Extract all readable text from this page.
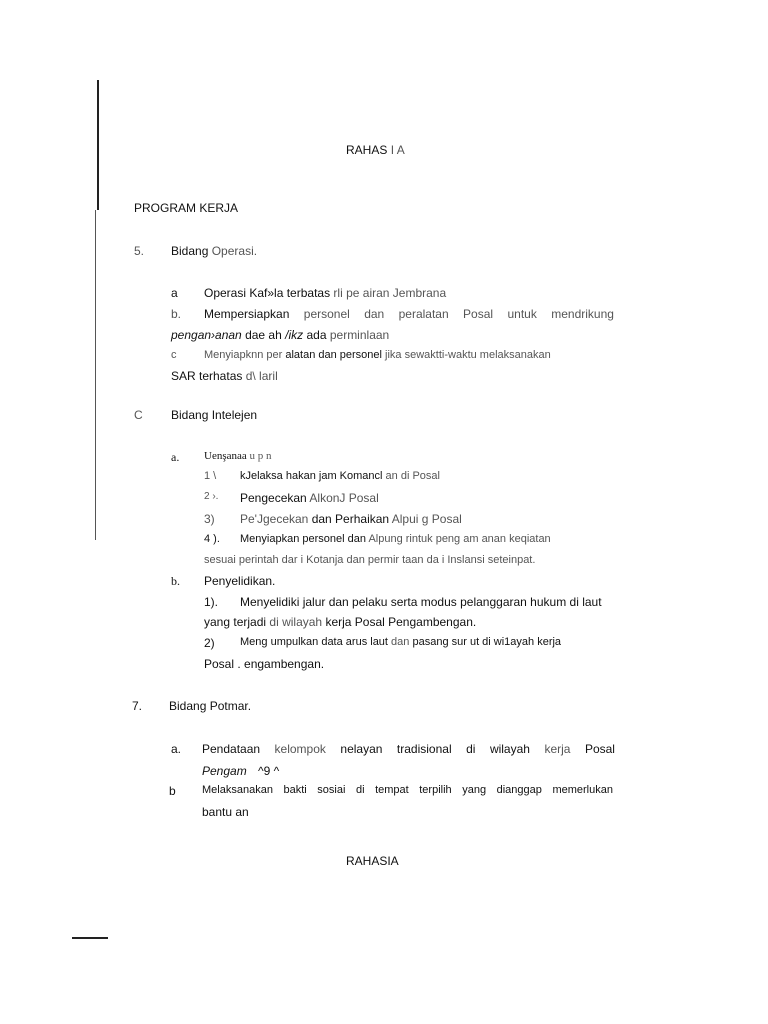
RAHAS I A
PROGRAM KERJA
5. Bidang Operasi.
a Operasi Kaf»la terbatas rli pe airan Jembrana
b. Mempersiapkan personel dan peralatan Posal untuk mendrikung
pengan›anan dae ah /ikz ada perminlaan
c	Menyiapknn per alatan dan personel jika sewaktti-waktu melaksanakan
SAR terhatas d\ laril
C Bidang Intelejen
a. Uenşanaa u p n
1 \ kJelaksa hakan jam Komancl an di Posal
2 ›. Pengecekan AlkonJ Posal
3) Pe'Jgecekan dan Perhaikan Alpui g Posal
4 ). Menyiapkan personel dan Alpung rintuk peng am anan keqiatan
sesuai perintah dar i Kotanja dan permir taan da i Inslansi seteinpat.
b. Penyelidikan.
1). Menyelidiki jalur dan pelaku serta modus pelanggaran hukum di laut
yang terjadi di wilayah kerja Posal Pengambengan.
2) Meng umpulkan data arus laut dan pasang sur ut di wi1ayah kerja
Posal . engambengan.
7. Bidang Potmar.
a. Pendataan kelompok nelayan tradisional di wilayah kerja Posal
Pengam ^9 ^
b Melaksanakan bakti sosiai di tempat terpilih yang dianggap memerlukan
bantu an
RAHASIA
